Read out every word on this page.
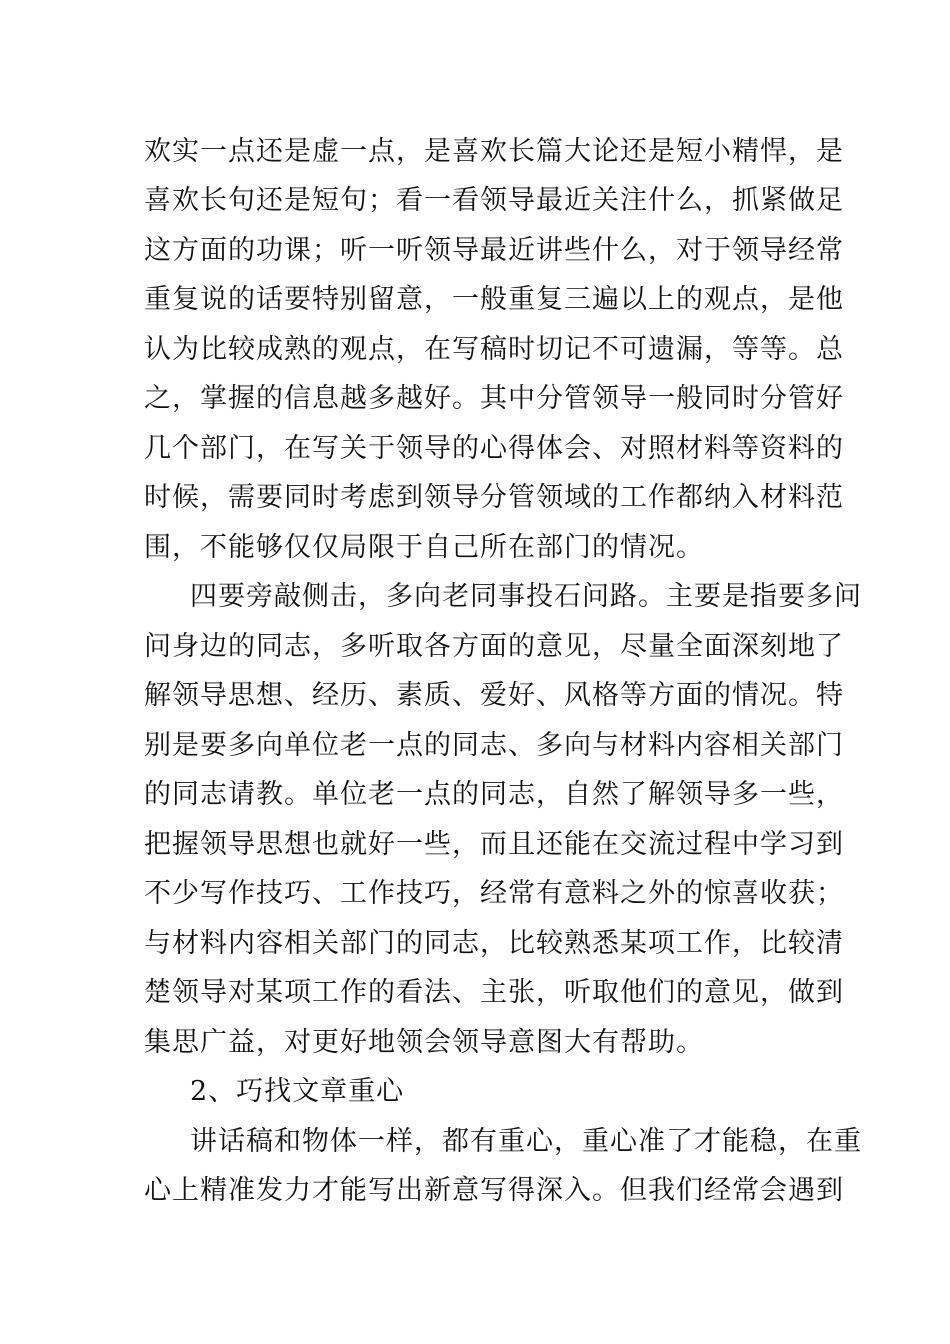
欢实一点还是虚一点，是喜欢长篇大论还是短小精悍，是
喜欢长句还是短句；看一看领导最近关注什么，抓紧做足
这方面的功课；听一听领导最近讲些什么，对于领导经常
重复说的话要特别留意，一般重复三遍以上的观点，是他
认为比较成熟的观点，在写稿时切记不可遗漏，等等。总
之，掌握的信息越多越好。其中分管领导一般同时分管好
几个部门，在写关于领导的心得体会、对照材料等资料的
时候，需要同时考虑到领导分管领域的工作都纳入材料范
围，不能够仅仅局限于自己所在部门的情况。
四要旁敲侧击，多向老同事投石问路。主要是指要多问
问身边的同志，多听取各方面的意见，尽量全面深刻地了
解领导思想、经历、素质、爱好、风格等方面的情况。特
别是要多向单位老一点的同志、多向与材料内容相关部门
的同志请教。单位老一点的同志，自然了解领导多一些，
把握领导思想也就好一些，而且还能在交流过程中学习到
不少写作技巧、工作技巧，经常有意料之外的惊喜收获；
与材料内容相关部门的同志，比较熟悉某项工作，比较清
楚领导对某项工作的看法、主张，听取他们的意见，做到
集思广益，对更好地领会领导意图大有帮助。
2、巧找文章重心
讲话稿和物体一样，都有重心，重心准了才能稳，在重
心上精准发力才能写出新意写得深入。但我们经常会遇到
